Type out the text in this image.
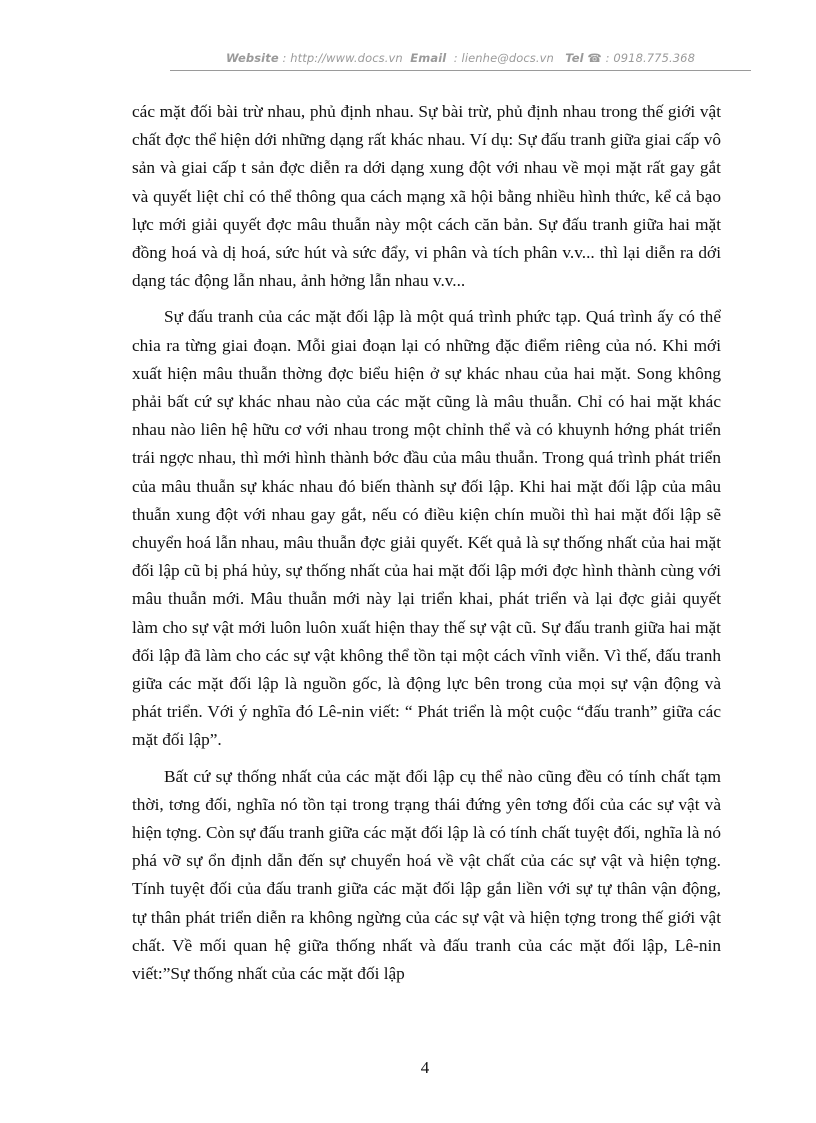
Website : http://www.docs.vn Email : lienhe@docs.vn Tel ☎ : 0918.775.368

các mặt đối bài trừ nhau, phủ định nhau. Sự bài trừ, phủ định nhau trong thế giới vật chất đợc thể hiện dới những dạng rất khác nhau. Ví dụ: Sự đấu tranh giữa giai cấp vô sản và giai cấp t sản đợc diễn ra dới dạng xung đột với nhau về mọi mặt rất gay gắt và quyết liệt chỉ có thể thông qua cách mạng xã hội bằng nhiều hình thức, kể cả bạo lực mới giải quyết đợc mâu thuẫn này một cách căn bản. Sự đấu tranh giữa hai mặt đồng hoá và dị hoá, sức hút và sức đẩy, vi phân và tích phân v.v... thì lại diễn ra dới dạng tác động lẫn nhau, ảnh hởng lẫn nhau v.v...

Sự đấu tranh của các mặt đối lập là một quá trình phức tạp. Quá trình ấy có thể chia ra từng giai đoạn. Mỗi giai đoạn lại có những đặc điểm riêng của nó. Khi mới xuất hiện mâu thuẫn thờng đợc biểu hiện ở sự khác nhau của hai mặt. Song không phải bất cứ sự khác nhau nào của các mặt cũng là mâu thuẫn. Chỉ có hai mặt khác nhau nào liên hệ hữu cơ với nhau trong một chỉnh thể và có khuynh hớng phát triển trái ngợc nhau, thì mới hình thành bớc đầu của mâu thuẫn. Trong quá trình phát triển của mâu thuẫn sự khác nhau đó biến thành sự đối lập. Khi hai mặt đối lập của mâu thuẫn xung đột với nhau gay gắt, nếu có điều kiện chín muồi thì hai mặt đối lập sẽ chuyển hoá lẫn nhau, mâu thuẫn đợc giải quyết. Kết quả là sự thống nhất của hai mặt đối lập cũ bị phá hủy, sự thống nhất của hai mặt đối lập mới đợc hình thành cùng với mâu thuẫn mới. Mâu thuẫn mới này lại triển khai, phát triển và lại đợc giải quyết làm cho sự vật mới luôn luôn xuất hiện thay thế sự vật cũ. Sự đấu tranh giữa hai mặt đối lập đã làm cho các sự vật không thể tồn tại một cách vĩnh viễn. Vì thế, đấu tranh giữa các mặt đối lập là nguồn gốc, là động lực bên trong của mọi sự vận động và phát triển. Với ý nghĩa đó Lê-nin viết: “ Phát triển là một cuộc “đấu tranh” giữa các mặt đối lập”.

Bất cứ sự thống nhất của các mặt đối lập cụ thể nào cũng đều có tính chất tạm thời, tơng đối, nghĩa nó tồn tại trong trạng thái đứng yên tơng đối của các sự vật và hiện tợng. Còn sự đấu tranh giữa các mặt đối lập là có tính chất tuyệt đối, nghĩa là nó phá vỡ sự ổn định dẫn đến sự chuyển hoá về vật chất của các sự vật và hiện tợng. Tính tuyệt đối của đấu tranh giữa các mặt đối lập gắn liền với sự tự thân vận động, tự thân phát triển diễn ra không ngừng của các sự vật và hiện tợng trong thế giới vật chất. Về mối quan hệ giữa thống nhất và đấu tranh của các mặt đối lập, Lê-nin viết:”Sự thống nhất của các mặt đối lập

4
